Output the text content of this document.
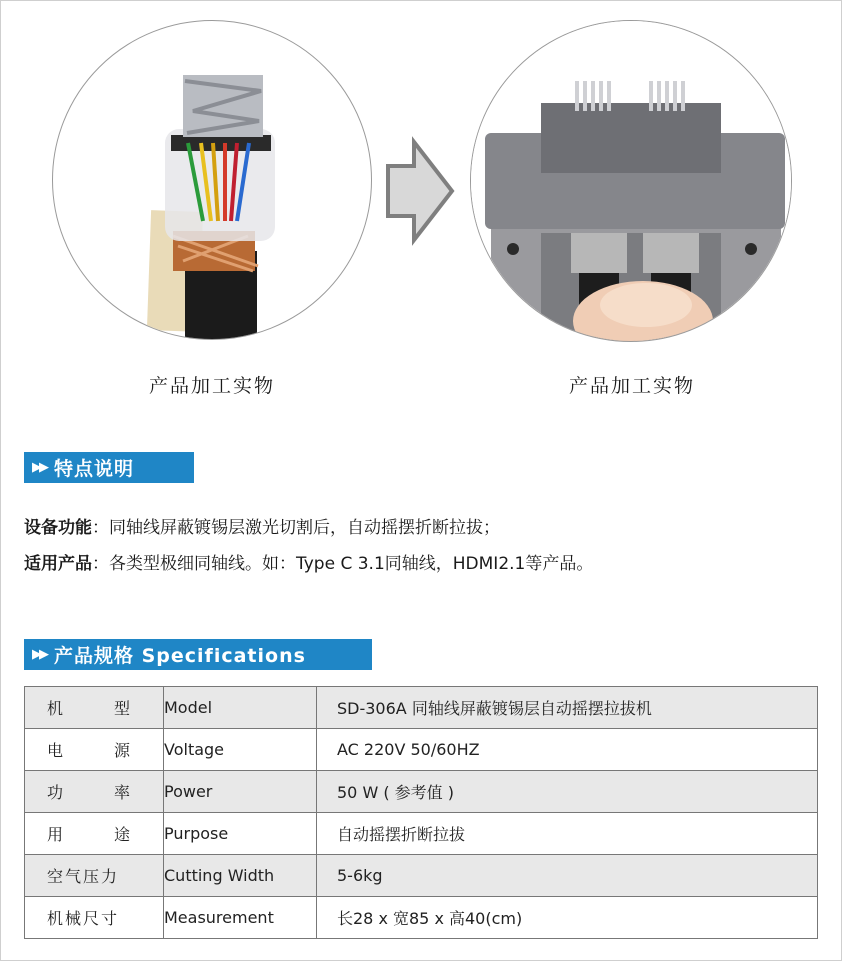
产品加工实物	产品加工实物
▶▶ 特点说明
设备功能：同轴线屏蔽镀锡层激光切割后，自动摇摆折断拉拔；
适用产品：各类型极细同轴线。如：Type C 3.1同轴线，HDMI2.1等产品。
▶▶ 产品规格 Specifications
机 型	Model	SD-306A 同轴线屏蔽镀锡层自动摇摆拉拔机

电 源	Voltage	AC 220V 50/60HZ

功 率	Power	50 W ( 参考值 )

用 途	Purpose	自动摇摆折断拉拔

空气压力	Cutting Width	5-6kg

机械尺寸	Measurement	长28 x 宽85 x 高40(cm)
